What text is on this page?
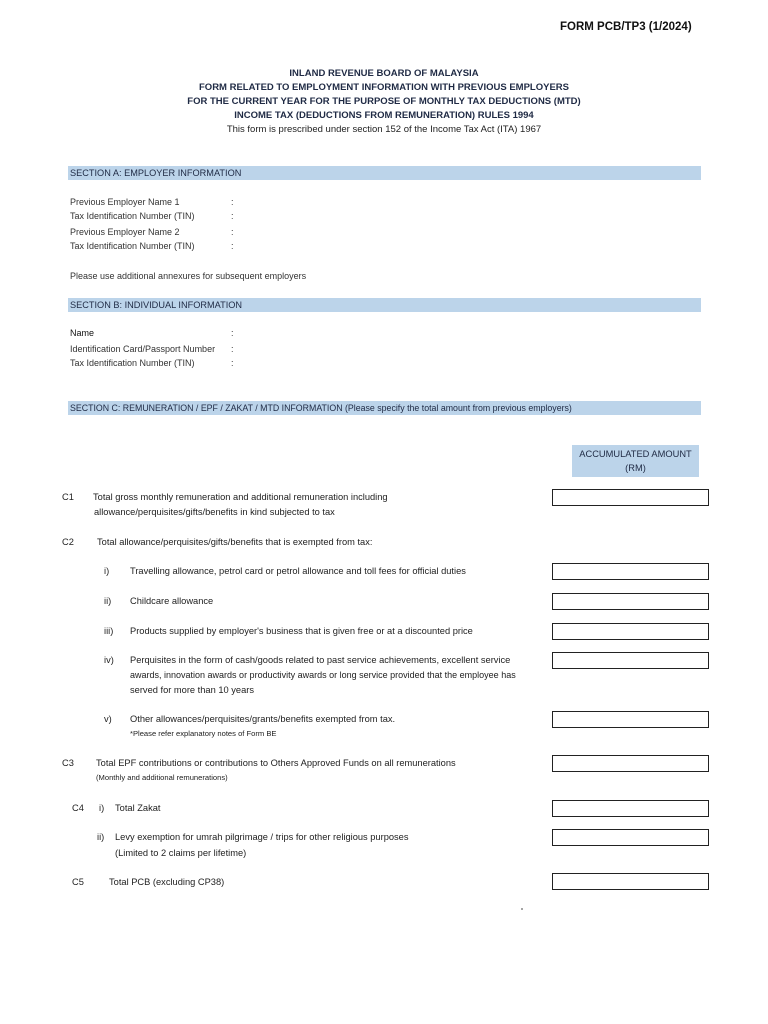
FORM PCB/TP3 (1/2024)
INLAND REVENUE BOARD OF MALAYSIA
FORM RELATED TO EMPLOYMENT INFORMATION WITH PREVIOUS EMPLOYERS
FOR THE CURRENT YEAR FOR THE PURPOSE OF MONTHLY TAX DEDUCTIONS (MTD)
INCOME TAX (DEDUCTIONS FROM REMUNERATION) RULES 1994
This form is prescribed under section 152 of the Income Tax Act (ITA) 1967
SECTION A: EMPLOYER INFORMATION
Previous Employer Name 1	:
Tax Identification Number (TIN)	:
Previous Employer Name 2	:
Tax Identification Number (TIN)	:
Please use additional annexures for subsequent employers
SECTION B: INDIVIDUAL INFORMATION
Name	:
Identification Card/Passport Number :
Tax Identification Number (TIN)	:
SECTION C: REMUNERATION / EPF / ZAKAT / MTD INFORMATION (Please specify the total amount from previous employers)
ACCUMULATED AMOUNT
(RM)
C1 Total gross monthly remuneration and additional remuneration including
allowance/perquisites/gifts/benefits in kind subjected to tax
C2 Total allowance/perquisites/gifts/benefits that is exempted from tax:
i) Travelling allowance, petrol card or petrol allowance and toll fees for official duties
ii) Childcare allowance
iii) Products supplied by employer's business that is given free or at a discounted price
iv) Perquisites in the form of cash/goods related to past service achievements, excellent service
awards, innovation awards or productivity awards or long service provided that the employee has
served for more than 10 years
v) Other allowances/perquisites/grants/benefits exempted from tax.
*Please refer explanatory notes of Form BE
C3 Total EPF contributions or contributions to Others Approved Funds on all remunerations
(Monthly and additional remunerations)
C4 i) Total Zakat
ii) Levy exemption for umrah pilgrimage / trips for other religious purposes
(Limited to 2 claims per lifetime)
C5	Total PCB (excluding CP38)
